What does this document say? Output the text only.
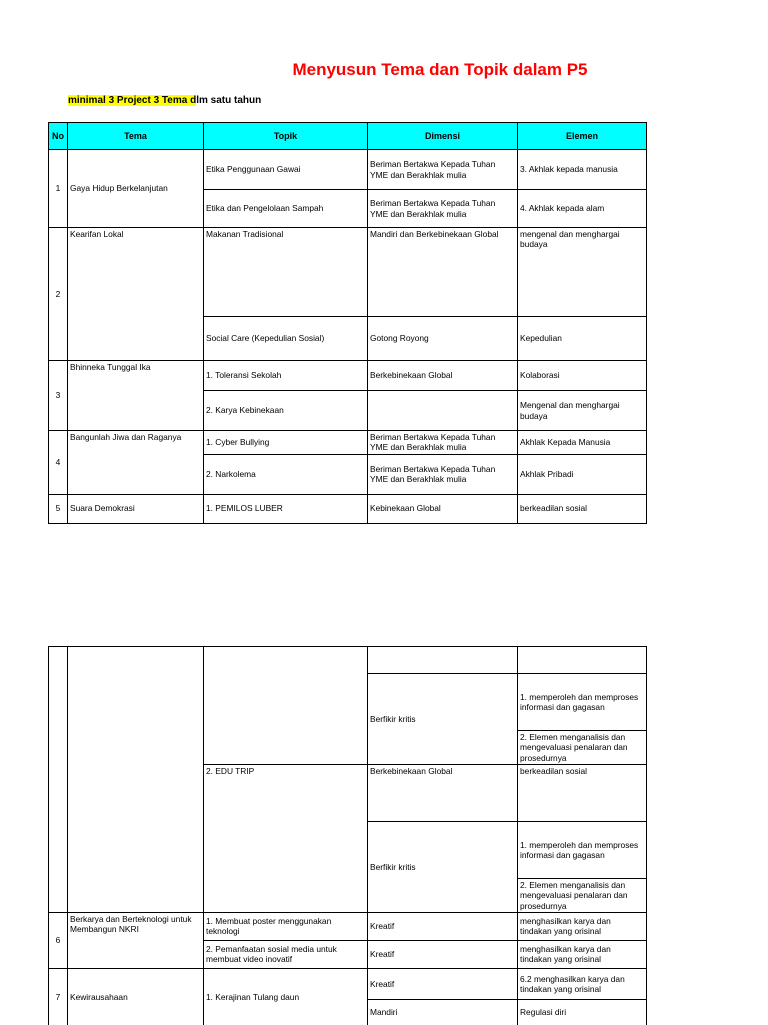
Menyusun Tema dan Topik dalam P5
minimal 3 Project 3 Tema dlm satu tahun
No	Tema	Topik	Dimensi	Elemen
1	Gaya Hidup Berkelanjutan	Etika Penggunaan Gawai	Beriman Bertakwa Kepada Tuhan YME dan Berakhlak mulia	3. Akhlak kepada manusia
		Etika dan Pengelolaan Sampah	Beriman Bertakwa Kepada Tuhan YME dan Berakhlak mulia	4. Akhlak kepada alam
2	Kearifan Lokal	Makanan Tradisional	Mandiri dan Berkebinekaan Global	mengenal dan menghargai budaya
		Social Care (Kepedulian Sosial)	Gotong Royong	Kepedulian
3	Bhinneka Tunggal Ika	1. Toleransi Sekolah	Berkebinekaan Global	Kolaborasi
		2. Karya Kebinekaan		Mengenal dan menghargai budaya
4	Bangunlah Jiwa dan Raganya	1. Cyber Bullying	Beriman Bertakwa Kepada Tuhan YME dan Berakhlak mulia	Akhlak Kepada Manusia
		2. Narkolema	Beriman Bertakwa Kepada Tuhan YME dan Berakhlak mulia	Akhlak Pribadi
5	Suara Demokrasi	1. PEMILOS LUBER	Kebinekaan Global	berkeadilan sosial

			Berfikir kritis	1. memperoleh dan memproses informasi dan gagasan
				2. Elemen menganalisis dan mengevaluasi penalaran dan prosedurnya
		2. EDU TRIP	Berkebinekaan Global	berkeadilan sosial
			Berfikir kritis	1. memperoleh dan memproses informasi dan gagasan
				2. Elemen menganalisis dan mengevaluasi penalaran dan prosedurnya
6	Berkarya dan Berteknologi untuk Membangun NKRI	1. Membuat poster menggunakan teknologi	Kreatif	menghasilkan karya dan tindakan yang orisinal
		2. Pemanfaatan sosial media untuk membuat video inovatif	Kreatif	menghasilkan karya dan tindakan yang orisinal
7	Kewirausahaan	1. Kerajinan Tulang daun	Kreatif	6.2 menghasilkan karya dan tindakan yang orisinal
			Mandiri	Regulasi diri
